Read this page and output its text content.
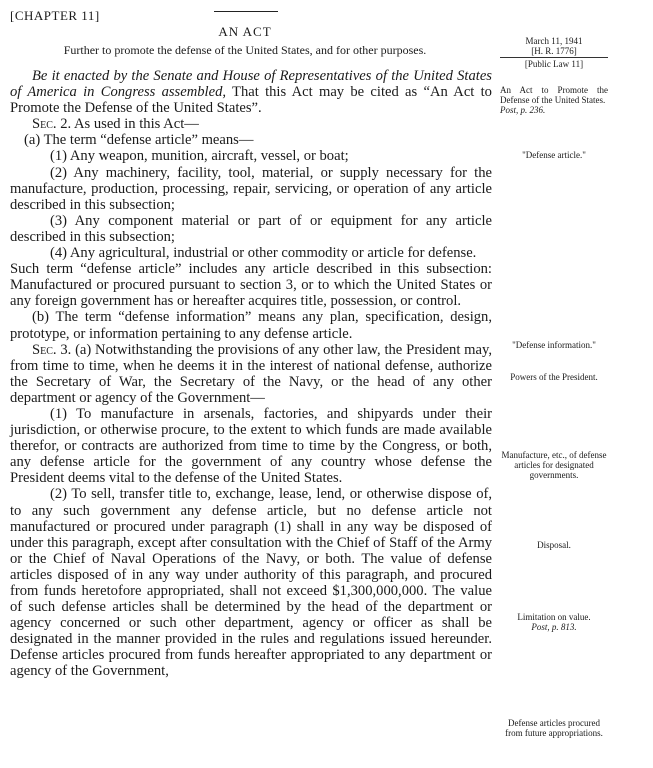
[CHAPTER 11]
AN ACT
Further to promote the defense of the United States, and for other purposes.
March 11, 1941
[H. R. 1776]
[Public Law 11]
An Act to Promote the Defense of the United States.
Post, p. 236.
"Defense article."
"Defense information."
Powers of the President.
Manufacture, etc., of defense articles for designated governments.
Disposal.
Limitation on value.
Post, p. 813.
Defense articles procured from future appropriations.

Be it enacted by the Senate and House of Representatives of the United States of America in Congress assembled, That this Act may be cited as “An Act to Promote the Defense of the United States”.

Sec. 2. As used in this Act—

(a) The term “defense article” means—

(1) Any weapon, munition, aircraft, vessel, or boat;

(2) Any machinery, facility, tool, material, or supply necessary for the manufacture, production, processing, repair, servicing, or operation of any article described in this subsection;

(3) Any component material or part of or equipment for any article described in this subsection;

(4) Any agricultural, industrial or other commodity or article for defense.

Such term “defense article” includes any article described in this subsection: Manufactured or procured pursuant to section 3, or to which the United States or any foreign government has or hereafter acquires title, possession, or control.

(b) The term “defense information” means any plan, specification, design, prototype, or information pertaining to any defense article.

Sec. 3. (a) Notwithstanding the provisions of any other law, the President may, from time to time, when he deems it in the interest of national defense, authorize the Secretary of War, the Secretary of the Navy, or the head of any other department or agency of the Government—

(1) To manufacture in arsenals, factories, and shipyards under their jurisdiction, or otherwise procure, to the extent to which funds are made available therefor, or contracts are authorized from time to time by the Congress, or both, any defense article for the government of any country whose defense the President deems vital to the defense of the United States.

(2) To sell, transfer title to, exchange, lease, lend, or otherwise dispose of, to any such government any defense article, but no defense article not manufactured or procured under paragraph (1) shall in any way be disposed of under this paragraph, except after consultation with the Chief of Staff of the Army or the Chief of Naval Operations of the Navy, or both. The value of defense articles disposed of in any way under authority of this paragraph, and procured from funds heretofore appropriated, shall not exceed $1,300,000,000. The value of such defense articles shall be determined by the head of the department or agency concerned or such other department, agency or officer as shall be designated in the manner provided in the rules and regulations issued hereunder. Defense articles procured from funds hereafter appropriated to any department or agency of the Government,
